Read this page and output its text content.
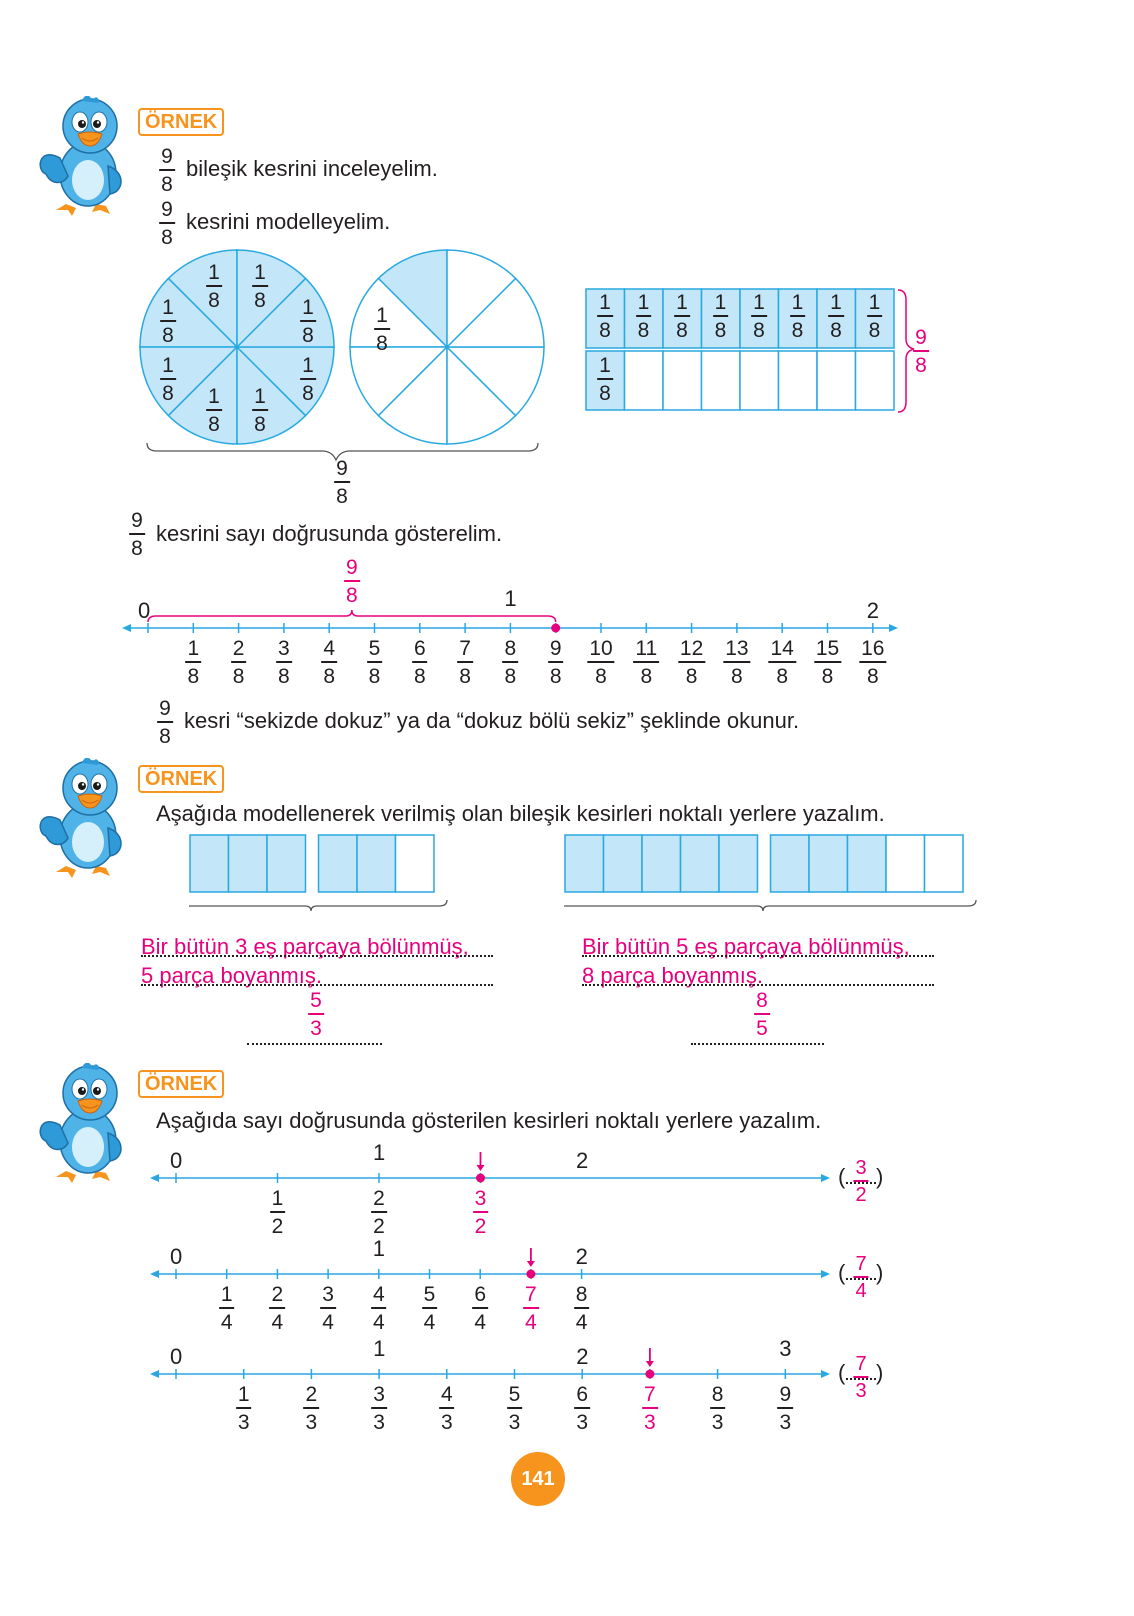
ÖRNEK
9
8
bileşik kesrini inceleyelim.
9
8
kesrini modelleyelim.
1
8
1
8
1
8
1
8
1
8
1
8
1
8
1
8
1
8
9
8
1
8
1
8
1
8
1
8
1
8
1
8
1
8
1
8
1
8
9
8
9
8
kesrini sayı doğrusunda gösterelim.
0	1	2
9
8
1
8
2
8
3
8
4
8
5
8
6
8
7
8
8
8
9
8
10
8
11
8
12
8
13
8
14
8
15
8
16
8
9
8
kesri “sekizde dokuz” ya da “dokuz bölü sekiz” şeklinde okunur.
ÖRNEK
Aşağıda modellenerek verilmiş olan bileşik kesirleri noktalı yerlere yazalım.
Bir bütün 3 eş parçaya bölünmüş,
5 parça boyanmış.
5
3
Bir bütün 5 eş parçaya bölünmüş,
8 parça boyanmış.
8
5
ÖRNEK
Aşağıda sayı doğrusunda gösterilen kesirleri noktalı yerlere yazalım.
0	1	2
1
2
2
2
3
2
( 3
2
)
0	1	2
1
4
2
4
3
4
4
4
5
4
6
4
7
4
8
4
( 7
4
)
0	1	2	3
1
3
2
3
3
3
4
3
5
3
6
3
7
3
8
3
9
3
( 7
3
)
141
